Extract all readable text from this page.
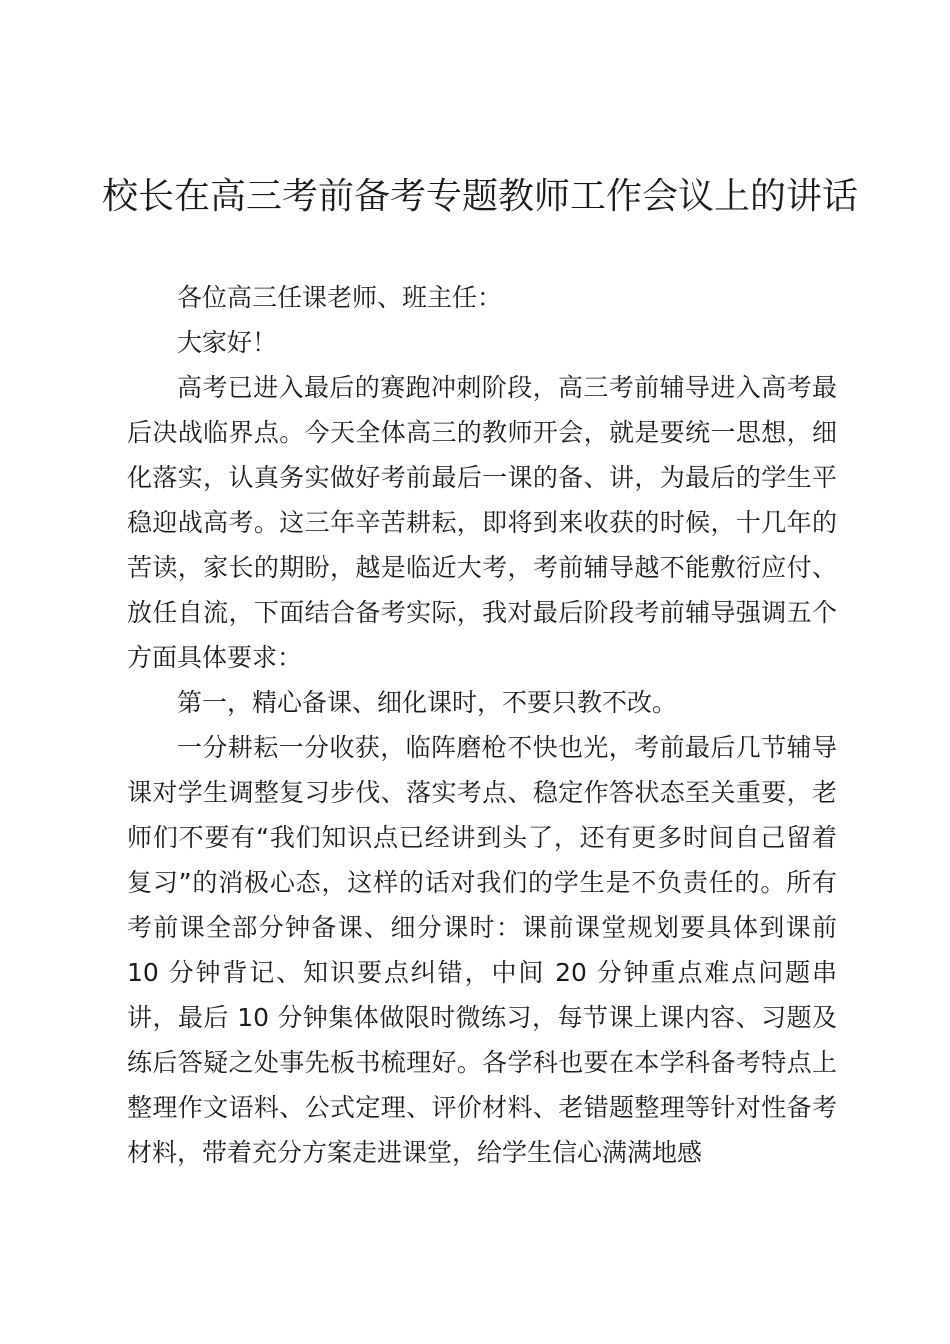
校长在高三考前备考专题教师工作会议上的讲话

各位高三任课老师、班主任：

大家好！

高考已进入最后的赛跑冲刺阶段，高三考前辅导进入高考最后决战临界点。今天全体高三的教师开会，就是要统一思想，细化落实，认真务实做好考前最后一课的备、讲，为最后的学生平稳迎战高考。这三年辛苦耕耘，即将到来收获的时候，十几年的苦读，家长的期盼，越是临近大考，考前辅导越不能敷衍应付、放任自流，下面结合备考实际，我对最后阶段考前辅导强调五个方面具体要求：

第一，精心备课、细化课时，不要只教不改。

一分耕耘一分收获，临阵磨枪不快也光，考前最后几节辅导课对学生调整复习步伐、落实考点、稳定作答状态至关重要，老师们不要有“我们知识点已经讲到头了，还有更多时间自己留着复习”的消极心态，这样的话对我们的学生是不负责任的。所有考前课全部分钟备课、细分课时：课前课堂规划要具体到课前 10 分钟背记、知识要点纠错，中间 20 分钟重点难点问题串讲，最后 10 分钟集体做限时微练习，每节课上课内容、习题及练后答疑之处事先板书梳理好。各学科也要在本学科备考特点上整理作文语料、公式定理、评价材料、老错题整理等针对性备考材料，带着充分方案走进课堂，给学生信心满满地感
